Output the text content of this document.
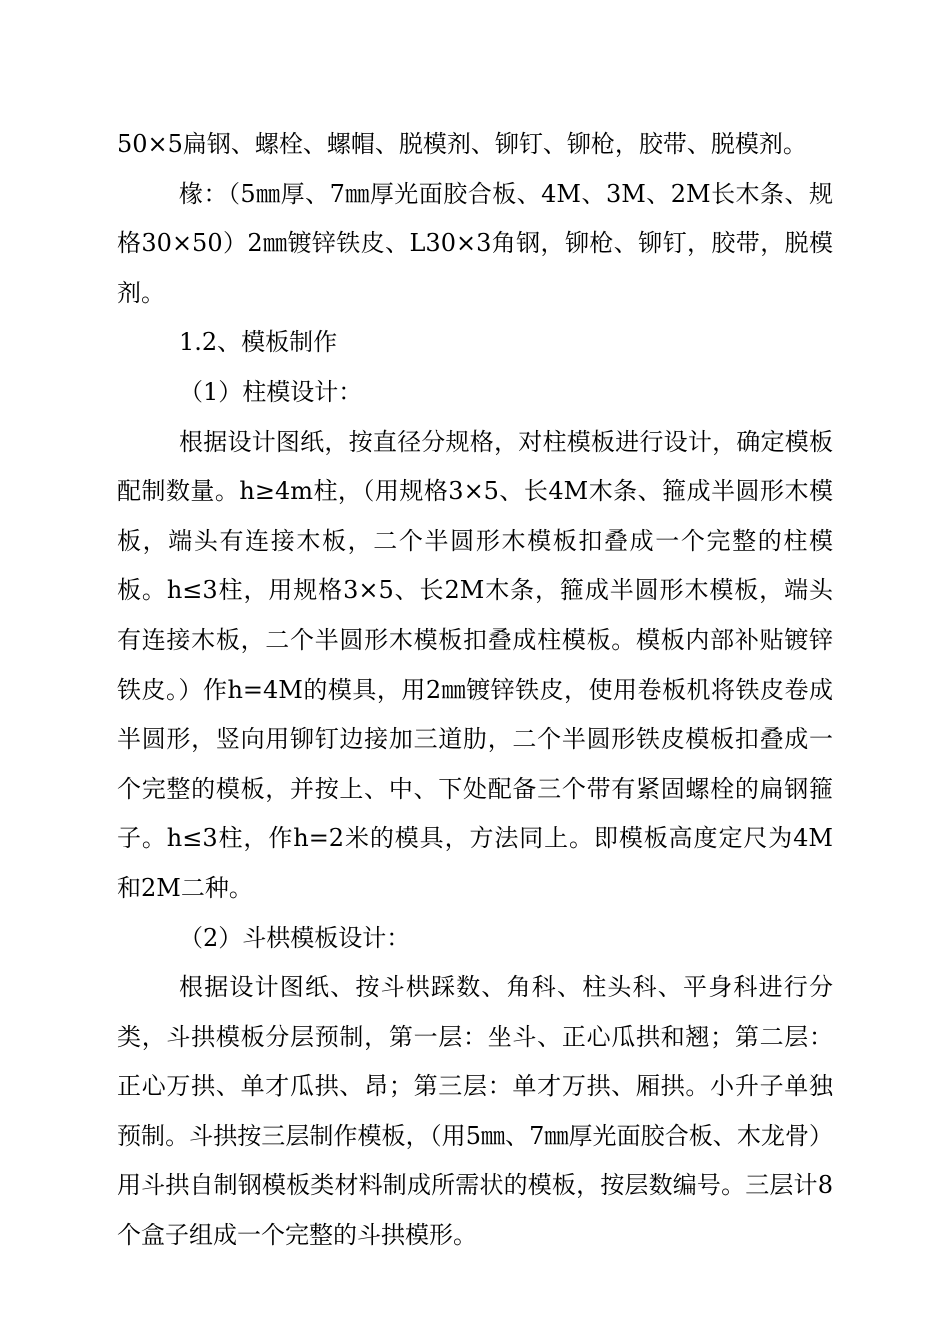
50×5扁钢、螺栓、螺帽、脱模剂、铆钉、铆枪，胶带、脱模剂。

椽：（5㎜厚、7㎜厚光面胶合板、4M、3M、2M长木条、规格30×50）2㎜镀锌铁皮、L30×3角钢，铆枪、铆钉，胶带，脱模剂。

1.2、模板制作

（1）柱模设计：

根据设计图纸，按直径分规格，对柱模板进行设计，确定模板配制数量。h≥4m柱，（用规格3×5、长4M木条、箍成半圆形木模板，端头有连接木板，二个半圆形木模板扣叠成一个完整的柱模板。h≤3柱，用规格3×5、长2M木条，箍成半圆形木模板，端头有连接木板，二个半圆形木模板扣叠成柱模板。模板内部补贴镀锌铁皮。）作h=4M的模具，用2㎜镀锌铁皮，使用卷板机将铁皮卷成半圆形，竖向用铆钉边接加三道肋，二个半圆形铁皮模板扣叠成一个完整的模板，并按上、中、下处配备三个带有紧固螺栓的扁钢箍子。h≤3柱，作h=2米的模具，方法同上。即模板高度定尺为4M和2M二种。

（2）斗栱模板设计：

根据设计图纸、按斗栱踩数、角科、柱头科、平身科进行分类，斗拱模板分层预制，第一层：坐斗、正心瓜拱和翘；第二层：正心万拱、单才瓜拱、昂；第三层：单才万拱、厢拱。小升子单独预制。斗拱按三层制作模板，（用5㎜、7㎜厚光面胶合板、木龙骨）用斗拱自制钢模板类材料制成所需状的模板，按层数编号。三层计8个盒子组成一个完整的斗拱模形。
